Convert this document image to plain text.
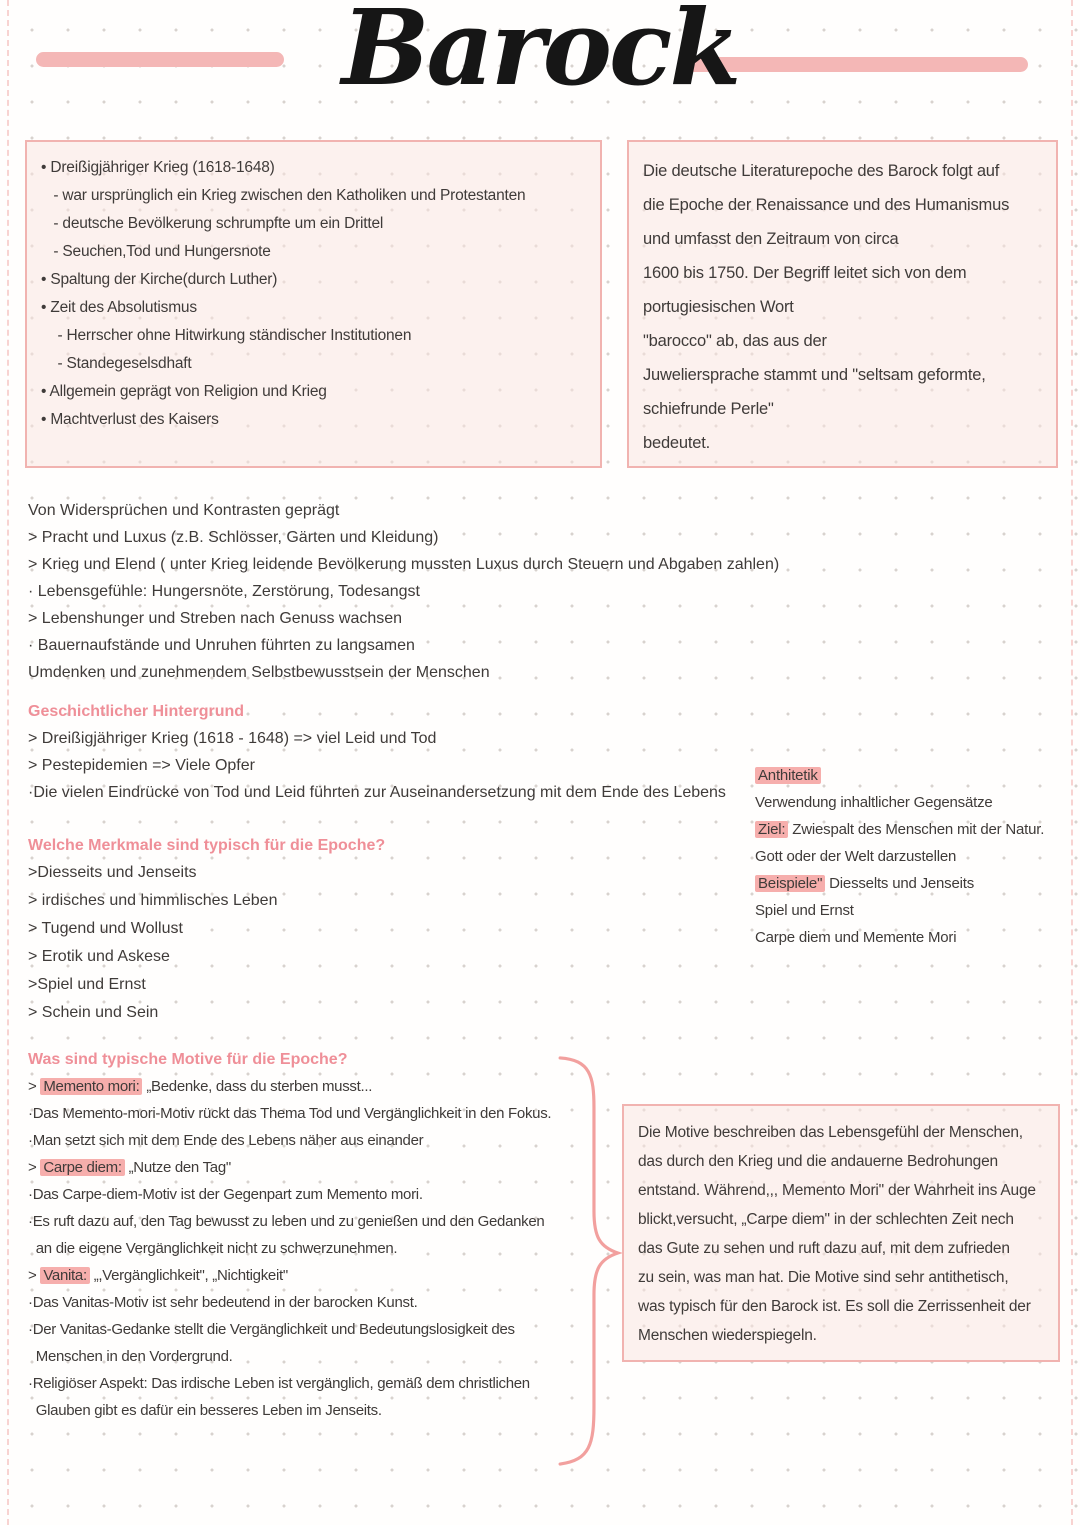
Barock
• Dreißigjähriger Krieg (1618-1648)
- war ursprünglich ein Krieg zwischen den Katholiken und Protestanten
- deutsche Bevölkerung schrumpfte um ein Drittel
- Seuchen,Tod und Hungersnote
• Spaltung der Kirche(durch Luther)
• Zeit des Absolutismus
- Herrscher ohne Hitwirkung ständischer Institutionen
- Standegeselsdhaft
• Allgemein geprägt von Religion und Krieg
• Machtverlust des Kaisers
Die deutsche Literaturepoche des Barock folgt auf
die Epoche der Renaissance und des Humanismus
und umfasst den Zeitraum von circa
1600 bis 1750. Der Begriff leitet sich von dem
portugiesischen Wort
"barocco" ab, das aus der
Juweliersprache stammt und "seltsam geformte,
schiefrunde Perle"
bedeutet.
Von Widersprüchen und Kontrasten geprägt
> Pracht und Luxus (z.B. Schlösser, Gärten und Kleidung)
> Krieg und Elend ( unter Krieg leidende Bevölkerung mussten Luxus durch Steuern und Abgaben zahlen)
· Lebensgefühle: Hungersnöte, Zerstörung, Todesangst
> Lebenshunger und Streben nach Genuss wachsen
· Bauernaufstände und Unruhen führten zu langsamen
Umdenken und zunehmendem Selbstbewusstsein der Menschen
Geschichtlicher Hintergrund
> Dreißigjähriger Krieg (1618 - 1648) => viel Leid und Tod
> Pestepidemien => Viele Opfer
·Die vielen Eindrücke von Tod und Leid führten zur Auseinandersetzung mit dem Ende des Lebens
Anthitetik
Verwendung inhaltlicher Gegensätze
Ziel: Zwiespalt des Menschen mit der Natur.
Gott oder der Welt darzustellen
Beispiele" Diesselts und Jenseits
Spiel und Ernst
Carpe diem und Memente Mori
Welche Merkmale sind typisch für die Epoche?
>Diesseits und Jenseits
> irdisches und himmlisches Leben
> Tugend und Wollust
> Erotik und Askese
>Spiel und Ernst
> Schein und Sein
Was sind typische Motive für die Epoche?
> Memento mori: „Bedenke, dass du sterben musst...
·Das Memento-mori-Motiv rückt das Thema Tod und Vergänglichkeit in den Fokus.
·Man setzt sich mit dem Ende des Lebens näher aus einander
> Carpe diem: „Nutze den Tag"
·Das Carpe-diem-Motiv ist der Gegenpart zum Memento mori.
·Es ruft dazu auf, den Tag bewusst zu leben und zu genießen und den Gedanken
an die eigene Vergänglichkeit nicht zu schwerzunehmen.
> Vanita: „,Vergänglichkeit", „Nichtigkeit"
·Das Vanitas-Motiv ist sehr bedeutend in der barocken Kunst.
·Der Vanitas-Gedanke stellt die Vergänglichkeit und Bedeutungslosigkeit des
Menschen in den Vordergrund.
·Religiöser Aspekt: Das irdische Leben ist vergänglich, gemäß dem christlichen
Glauben gibt es dafür ein besseres Leben im Jenseits.
Die Motive beschreiben das Lebensgefühl der Menschen,
das durch den Krieg und die andauerne Bedrohungen
entstand. Während,,, Memento Mori" der Wahrheit ins Auge
blickt,versucht, „Carpe diem" in der schlechten Zeit nech
das Gute zu sehen und ruft dazu auf, mit dem zufrieden
zu sein, was man hat. Die Motive sind sehr antithetisch,
was typisch für den Barock ist. Es soll die Zerrissenheit der
Menschen wiederspiegeln.
